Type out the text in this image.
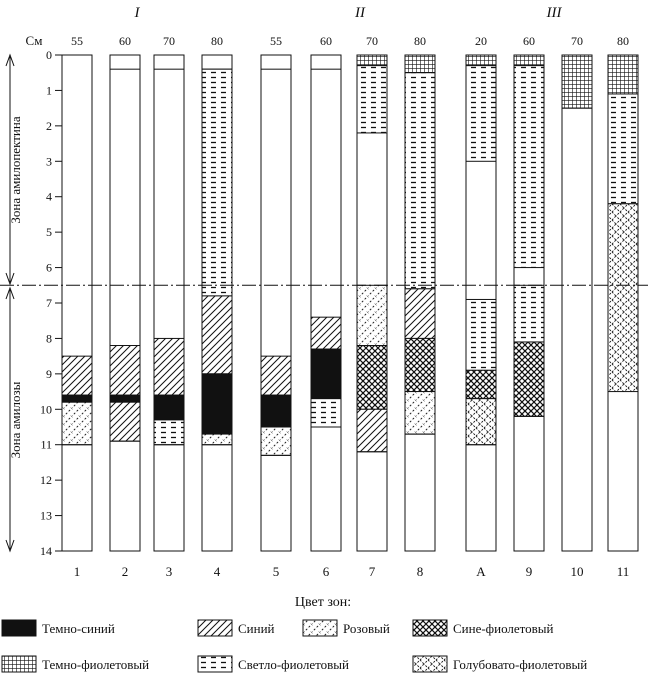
I	II	III
См
0
1
2
3
4
5
6
7
8
9
10
11
12
13
14
Зона амилопектина
Зона амилозы
55
1
60
2
70
3
80
4
55
5
60
6
70
7
80
8
20
А
60
9
70
10
80
11
Цвет зон:
Темно-синий	Синий	Розовый	Сине-фиолетовый
Темно-фиолетовый	Светло-фиолетовый	Голубовато-фиолетовый
